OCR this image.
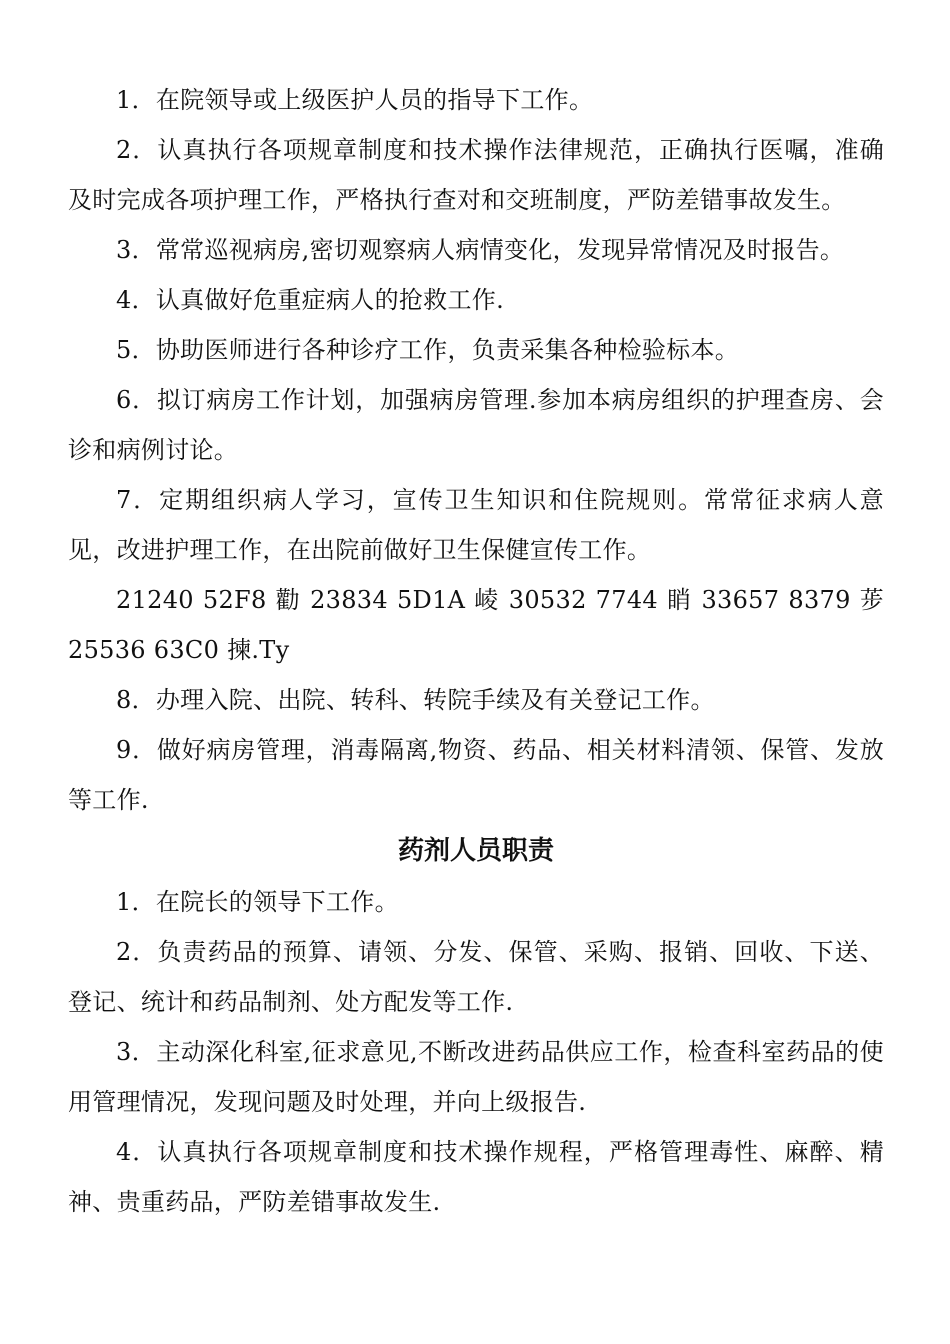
1．在院领导或上级医护人员的指导下工作。

2．认真执行各项规章制度和技术操作法律规范，正确执行医嘱，准确及时完成各项护理工作，严格执行查对和交班制度，严防差错事故发生。

3．常常巡视病房,密切观察病人病情变化，发现异常情况及时报告。

4．认真做好危重症病人的抢救工作.

5．协助医师进行各种诊疗工作，负责采集各种检验标本。

6．拟订病房工作计划，加强病房管理.参加本病房组织的护理查房、会诊和病例讨论。

7．定期组织病人学习，宣传卫生知识和住院规则。常常征求病人意见，改进护理工作，在出院前做好卫生保健宣传工作。

21240 52F8 勸 23834 5D1A 崚 30532 7744 睄 33657 8379 荹 25536 63C0 揀.Ty

8．办理入院、出院、转科、转院手续及有关登记工作。

9．做好病房管理，消毒隔离,物资、药品、相关材料清领、保管、发放等工作.

药剂人员职责

1．在院长的领导下工作。

2．负责药品的预算、请领、分发、保管、采购、报销、回收、下送、登记、统计和药品制剂、处方配发等工作.

3．主动深化科室,征求意见,不断改进药品供应工作，检查科室药品的使用管理情况，发现问题及时处理，并向上级报告.

4．认真执行各项规章制度和技术操作规程，严格管理毒性、麻醉、精神、贵重药品，严防差错事故发生.
